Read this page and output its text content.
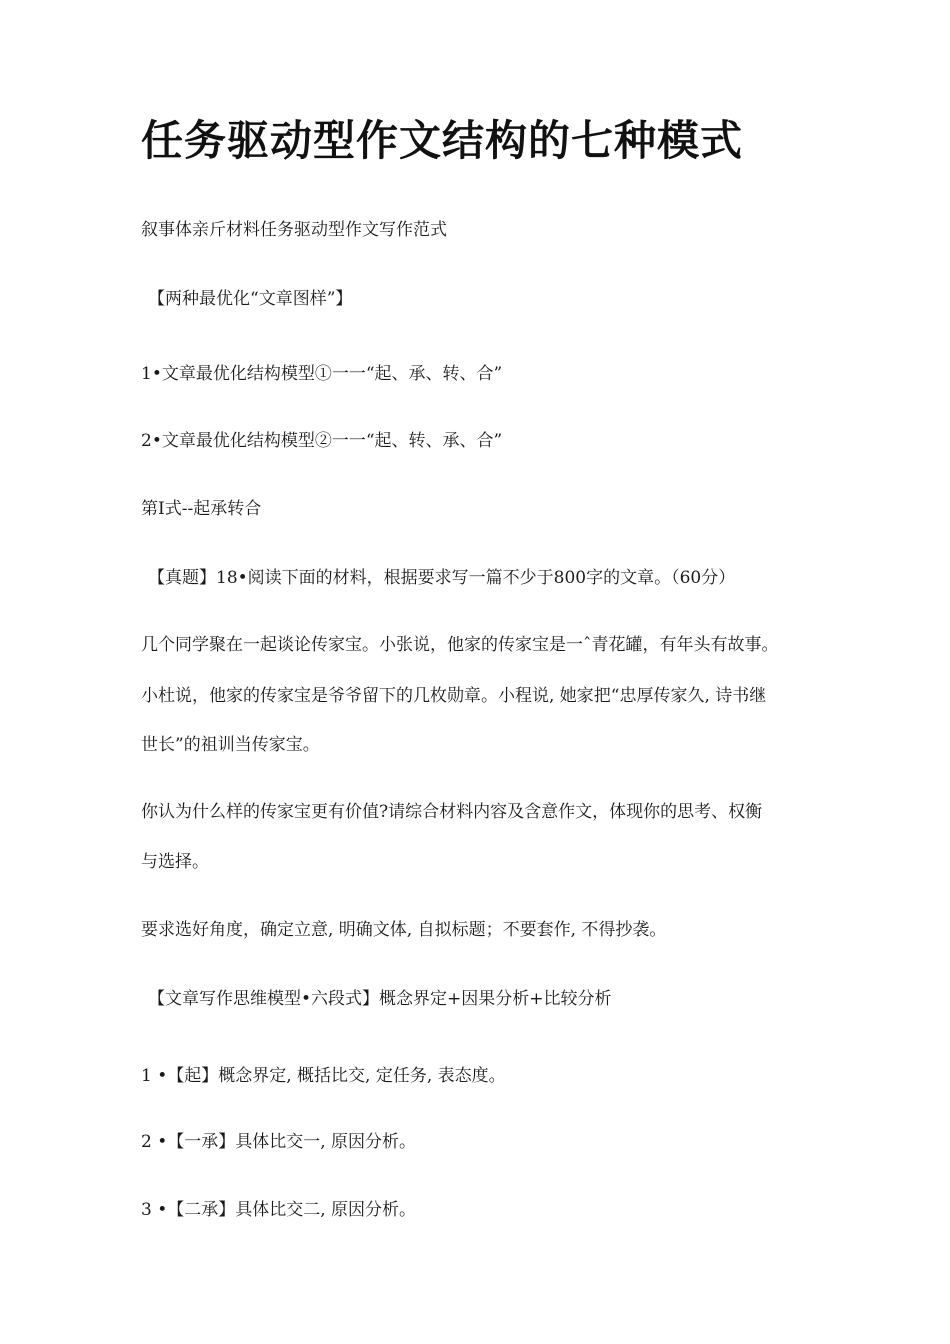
任务驱动型作文结构的七种模式
叙事体亲斤材料任务驱动型作文写作范式
【两种最优化“文章图样”】
1•文章最优化结构模型①一一“起、承、转、合”
2•文章最优化结构模型②一一“起、转、承、合”
第Ⅰ式--起承转合
【真题】18•阅读下面的材料，根据要求写一篇不少于800字的文章。（60分）
几个同学聚在一起谈论传家宝。小张说，他家的传家宝是一ˆ青花罐，有年头有故事。
小杜说，他家的传家宝是爷爷留下的几枚勋章。小程说, 她家把“忠厚传家久, 诗书继
世长”的祖训当传家宝。
你认为什么样的传家宝更有价值?请综合材料内容及含意作文，体现你的思考、权衡
与选择。
要求选好角度，确定立意, 明确文体, 自拟标题；不要套作, 不得抄袭。
【文章写作思维模型•六段式】概念界定+因果分析+比较分析
1 •【起】概念界定, 概括比交, 定任务, 表态度。
2 •【一承】具体比交一, 原因分析。
3 •【二承】具体比交二, 原因分析。
